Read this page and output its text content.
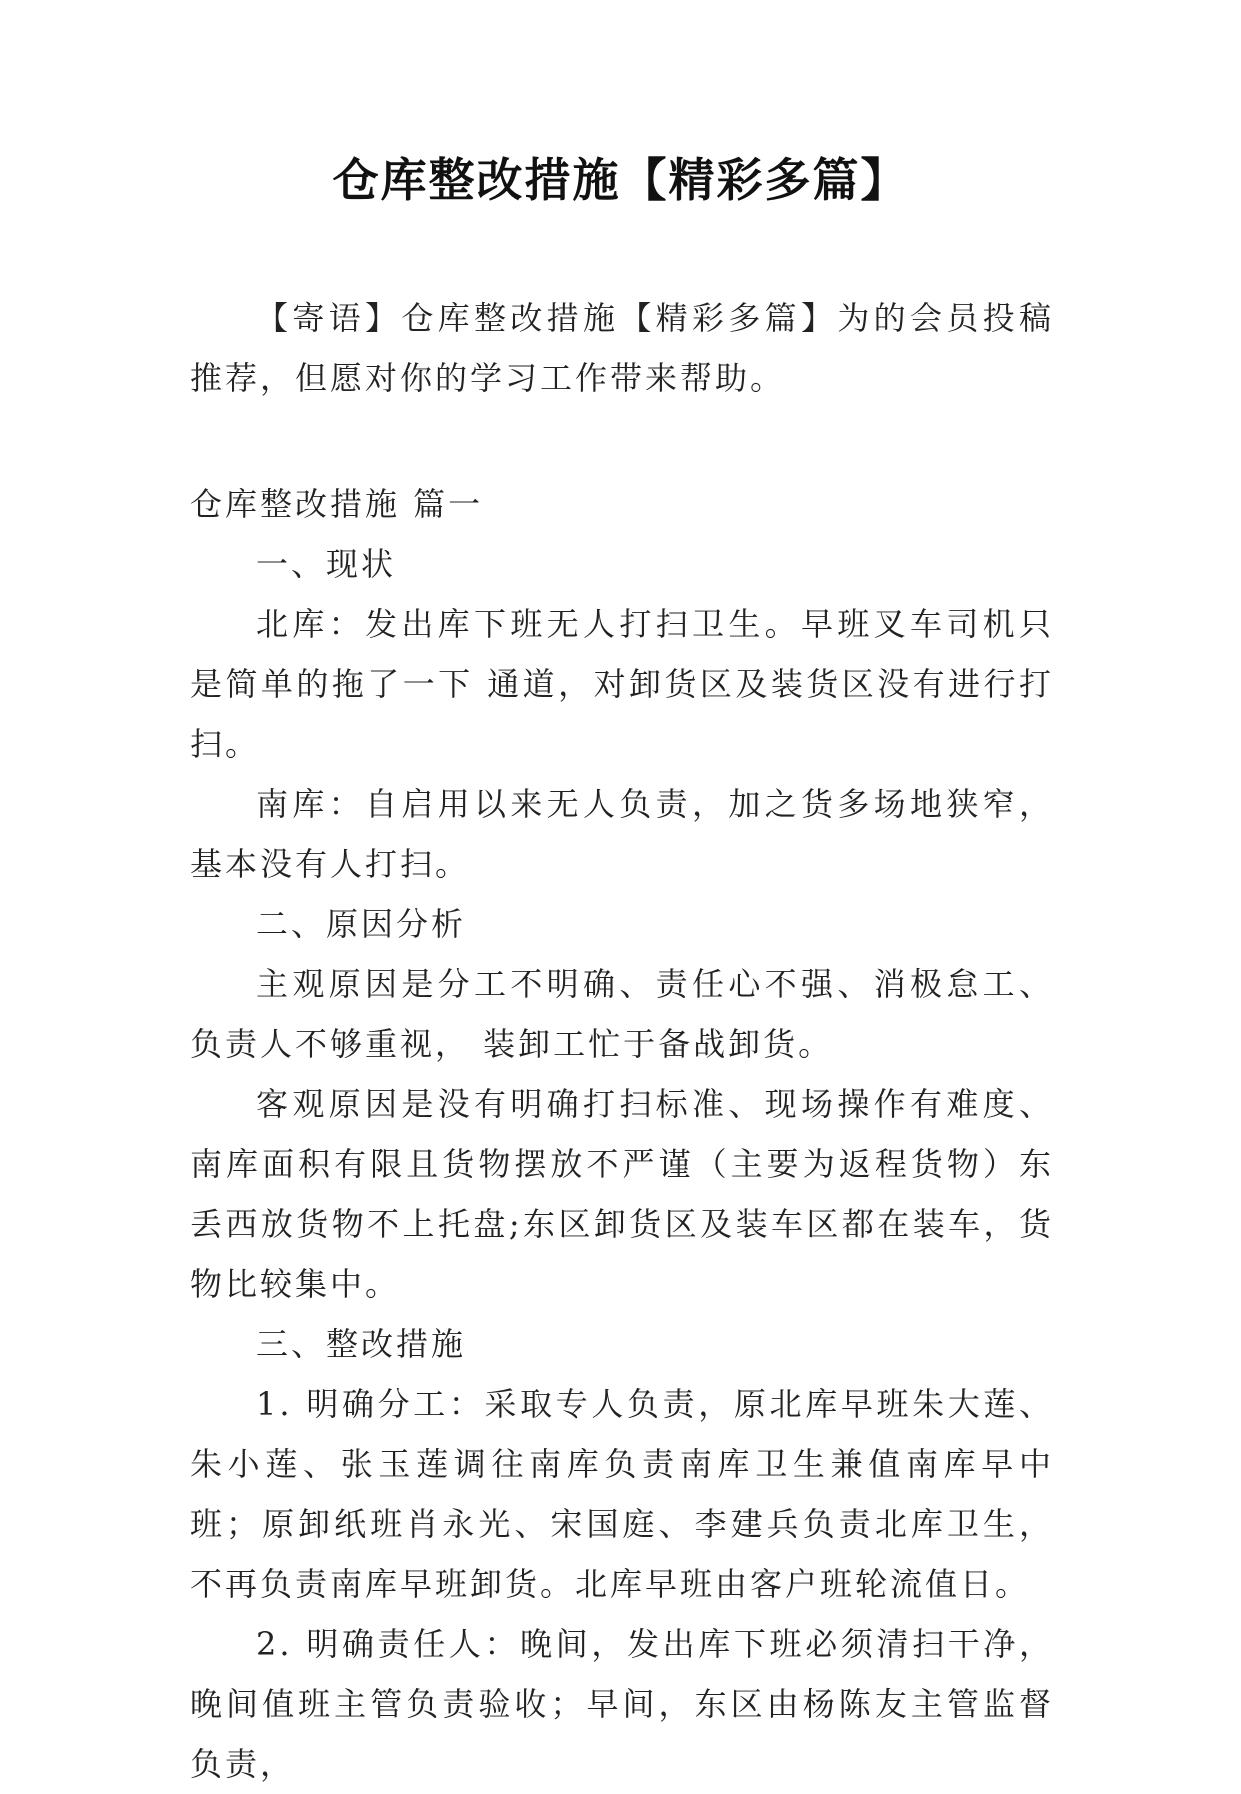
仓库整改措施【精彩多篇】

【寄语】仓库整改措施【精彩多篇】为的会员投稿推荐，但愿对你的学习工作带来帮助。

仓库整改措施 篇一

一、现状

北库：发出库下班无人打扫卫生。早班叉车司机只是简单的拖了一下 通道，对卸货区及装货区没有进行打扫。

南库：自启用以来无人负责，加之货多场地狭窄，基本没有人打扫。

二、原因分析

主观原因是分工不明确、责任心不强、消极怠工、负责人不够重视， 装卸工忙于备战卸货。

客观原因是没有明确打扫标准、现场操作有难度、南库面积有限且货物摆放不严谨（主要为返程货物）东丢西放货物不上托盘;东区卸货区及装车区都在装车，货物比较集中。

三、整改措施

1. 明确分工：采取专人负责，原北库早班朱大莲、朱小莲、张玉莲调往南库负责南库卫生兼值南库早中班；原卸纸班肖永光、宋国庭、李建兵负责北库卫生，不再负责南库早班卸货。北库早班由客户班轮流值日。

2. 明确责任人：晚间，发出库下班必须清扫干净，晚间值班主管负责验收；早间，东区由杨陈友主管监督负责，
